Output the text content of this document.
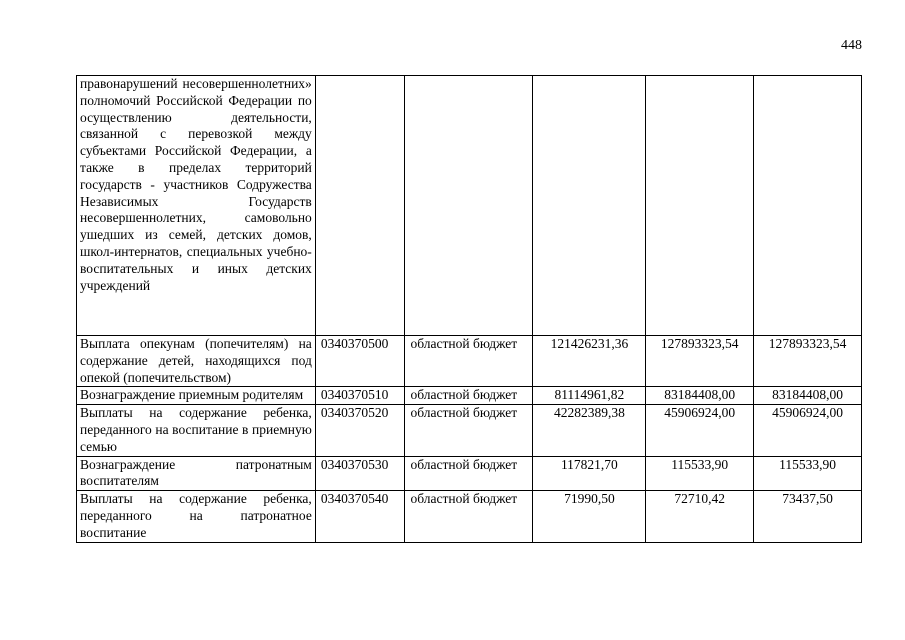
448
правонарушений несовершеннолетних» полномочий Российской Федерации по осуществлению деятельности, связанной с перевозкой между субъектами Российской Федерации, а также в пределах территорий государств - участников Содружества Независимых Государств несовершеннолетних, самовольно ушедших из семей, детских домов, школ-интернатов, специальных учебно-воспитательных и иных детских учреждений					
Выплата опекунам (попечителям) на содержание детей, находящихся под опекой (попечительством)	0340370500	областной бюджет	121426231,36	127893323,54	127893323,54
Вознаграждение приемным родителям	0340370510	областной бюджет	81114961,82	83184408,00	83184408,00
Выплаты на содержание ребенка, переданного на воспитание в приемную семью	0340370520	областной бюджет	42282389,38	45906924,00	45906924,00
Вознаграждение патронатным воспитателям	0340370530	областной бюджет	117821,70	115533,90	115533,90
Выплаты на содержание ребенка, переданного на патронатное воспитание	0340370540	областной бюджет	71990,50	72710,42	73437,50
